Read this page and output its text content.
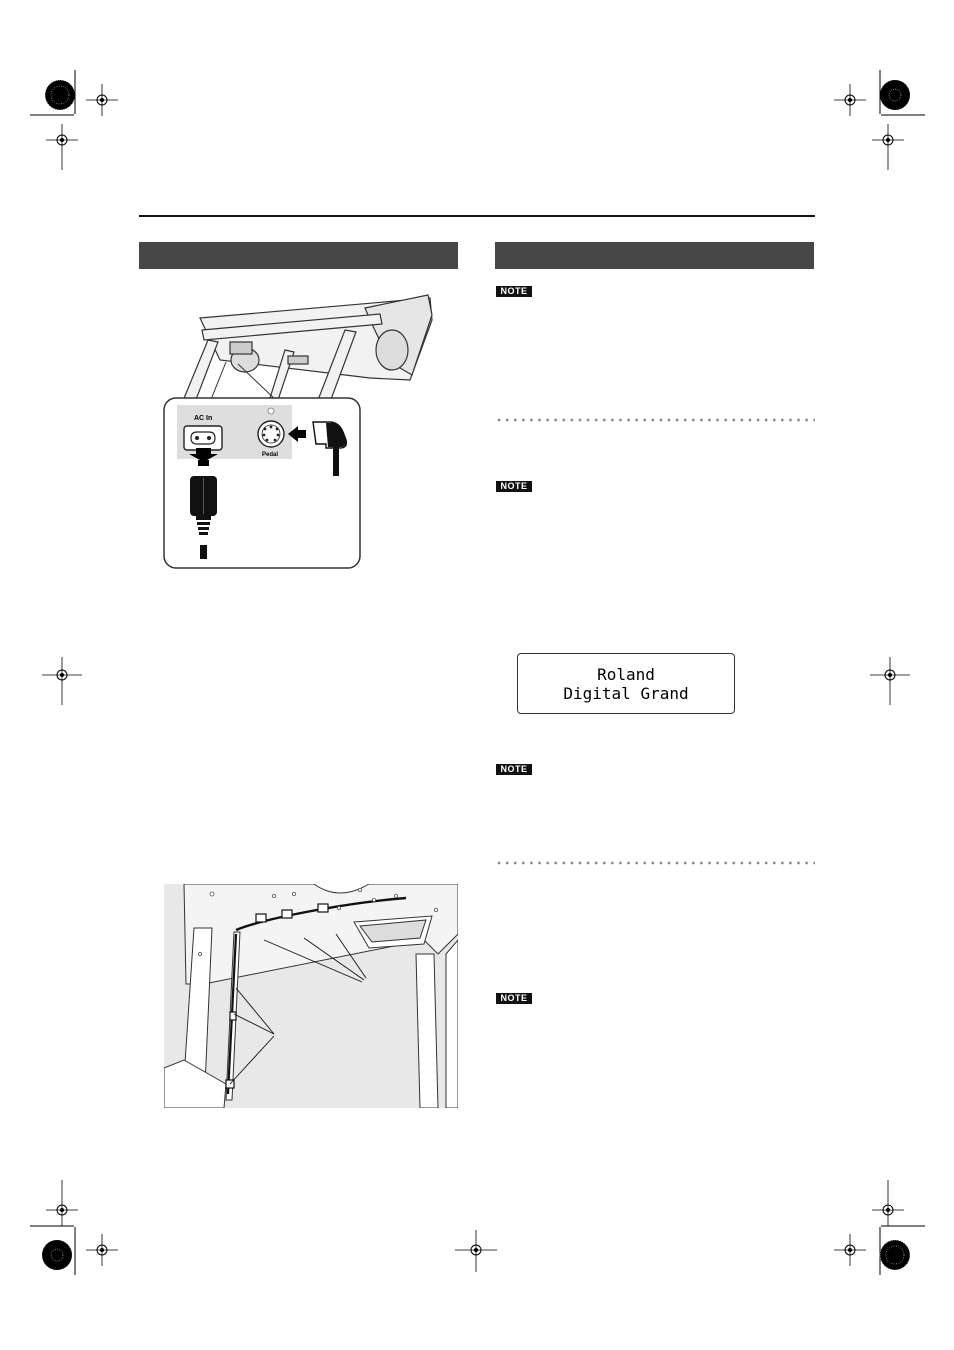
AC In
Pedal
NOTE
NOTE
Roland
Digital Grand
NOTE
NOTE
